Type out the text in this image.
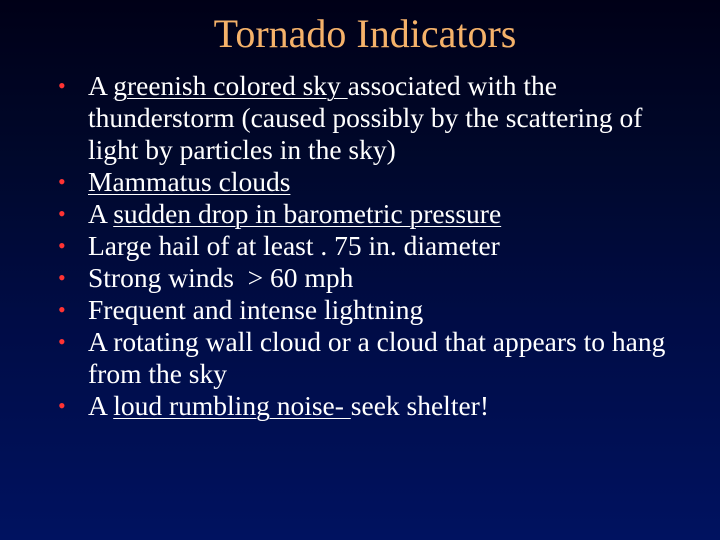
Tornado Indicators
• A greenish colored sky associated with the thunderstorm (caused possibly by the scattering of light by particles in the sky)
• Mammatus clouds
• A sudden drop in barometric pressure
• Large hail of at least . 75 in. diameter
• Strong winds  > 60 mph
• Frequent and intense lightning
• A rotating wall cloud or a cloud that appears to hang from the sky
• A loud rumbling noise- seek shelter!
